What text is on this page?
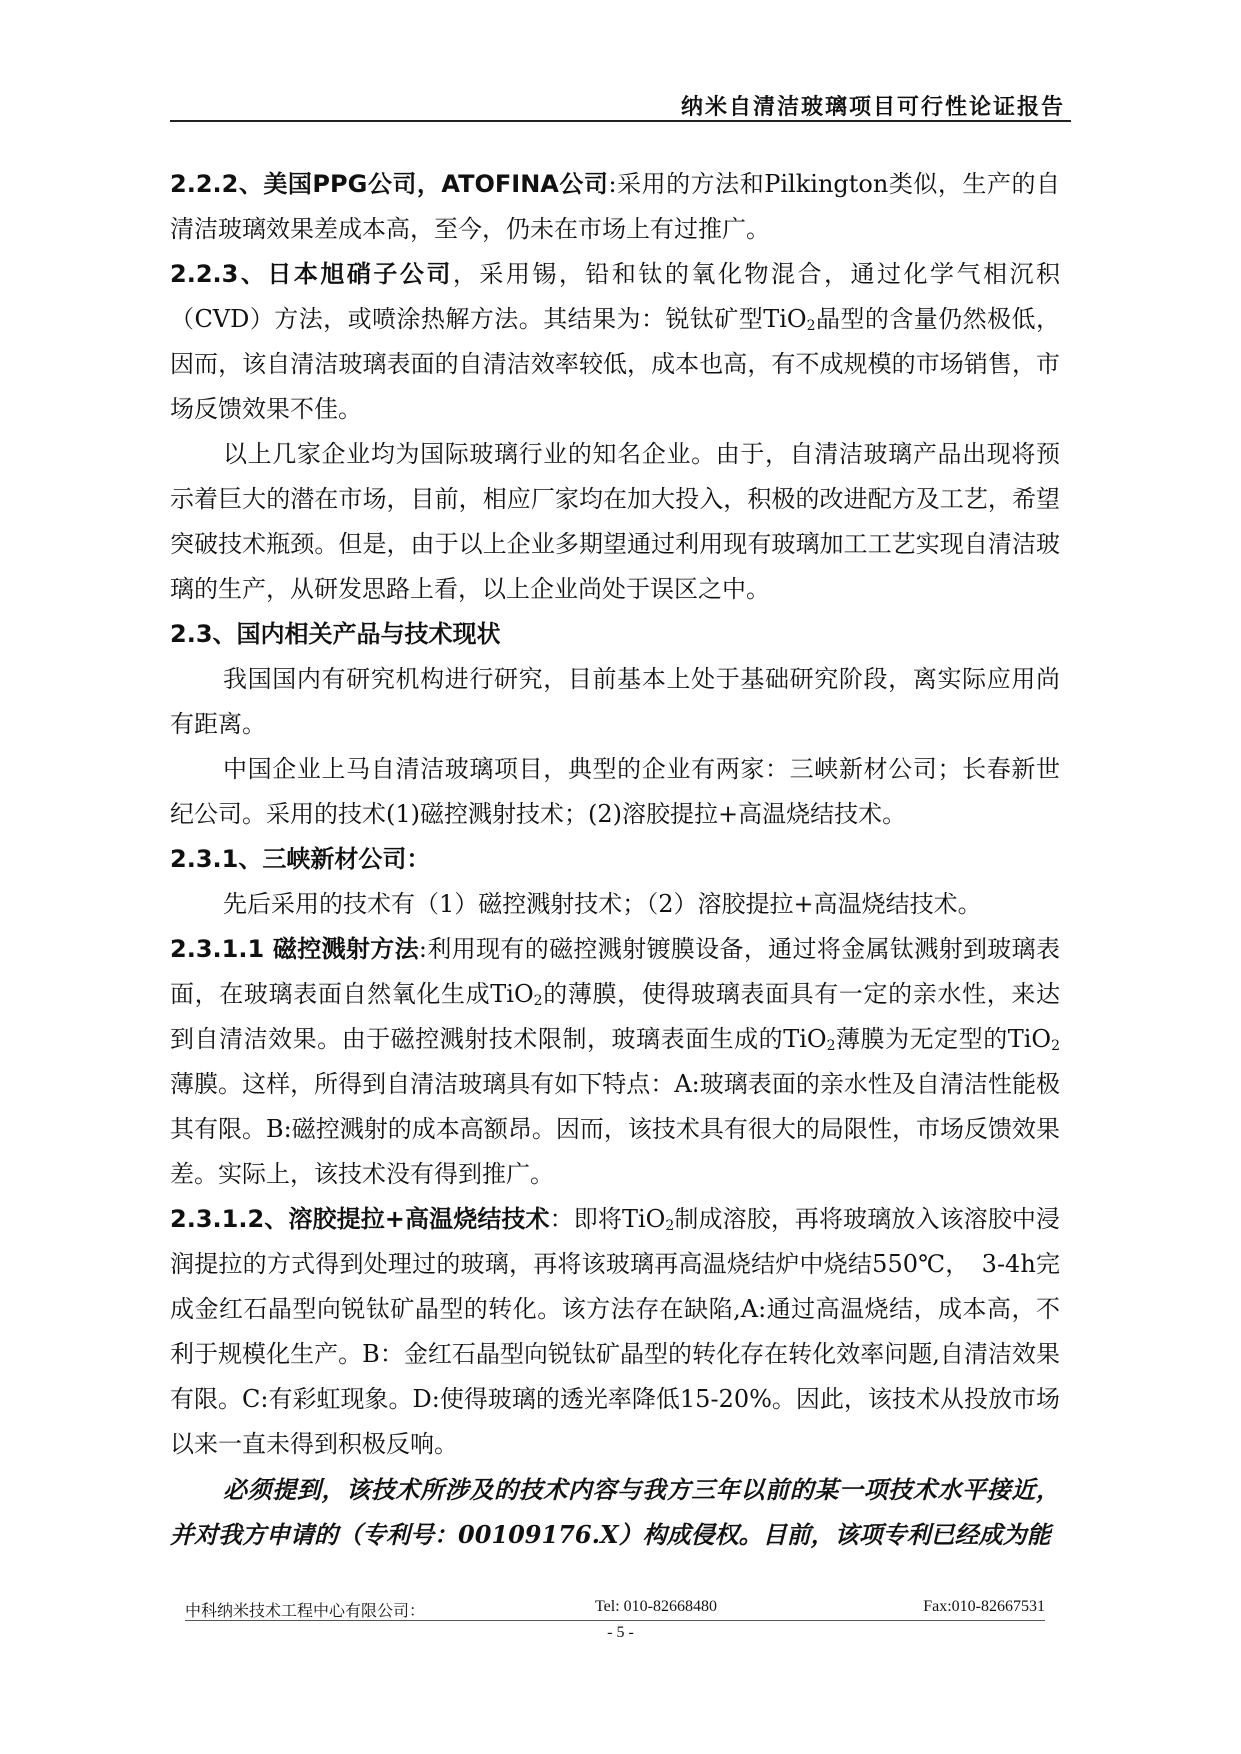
纳米自清洁玻璃项目可行性论证报告

2.2.2、美国PPG公司，ATOFINA公司:采用的方法和Pilkington类似，生产的自清洁玻璃效果差成本高，至今，仍未在市场上有过推广。

2.2.3、日本旭硝子公司，采用锡，铅和钛的氧化物混合，通过化学气相沉积（CVD）方法，或喷涂热解方法。其结果为：锐钛矿型TiO$_2$晶型的含量仍然极低，因而，该自清洁玻璃表面的自清洁效率较低，成本也高，有不成规模的市场销售，市场反馈效果不佳。

以上几家企业均为国际玻璃行业的知名企业。由于，自清洁玻璃产品出现将预示着巨大的潜在市场，目前，相应厂家均在加大投入，积极的改进配方及工艺，希望突破技术瓶颈。但是，由于以上企业多期望通过利用现有玻璃加工工艺实现自清洁玻璃的生产，从研发思路上看，以上企业尚处于误区之中。

2.3、国内相关产品与技术现状

我国国内有研究机构进行研究，目前基本上处于基础研究阶段，离实际应用尚有距离。

中国企业上马自清洁玻璃项目，典型的企业有两家：三峡新材公司；长春新世纪公司。采用的技术(1)磁控溅射技术；(2)溶胶提拉+高温烧结技术。

2.3.1、三峡新材公司：

先后采用的技术有（1）磁控溅射技术；（2）溶胶提拉+高温烧结技术。

2.3.1.1 磁控溅射方法:利用现有的磁控溅射镀膜设备，通过将金属钛溅射到玻璃表面，在玻璃表面自然氧化生成TiO$_2$的薄膜，使得玻璃表面具有一定的亲水性，来达到自清洁效果。由于磁控溅射技术限制，玻璃表面生成的TiO$_2$薄膜为无定型的TiO$_2$薄膜。这样，所得到自清洁玻璃具有如下特点：A:玻璃表面的亲水性及自清洁性能极其有限。B:磁控溅射的成本高额昂。因而，该技术具有很大的局限性，市场反馈效果差。实际上，该技术没有得到推广。

2.3.1.2、溶胶提拉+高温烧结技术：即将TiO$_2$制成溶胶，再将玻璃放入该溶胶中浸润提拉的方式得到处理过的玻璃，再将该玻璃再高温烧结炉中烧结550℃，　3-4h完成金红石晶型向锐钛矿晶型的转化。该方法存在缺陷,A:通过高温烧结，成本高，不利于规模化生产。B：金红石晶型向锐钛矿晶型的转化存在转化效率问题,自清洁效果有限。C:有彩虹现象。D:使得玻璃的透光率降低15-20%。因此，该技术从投放市场以来一直未得到积极反响。

必须提到，该技术所涉及的技术内容与我方三年以前的某一项技术水平接近，并对我方申请的（专利号：00109176.X）构成侵权。目前，该项专利已经成为能

中科纳米技术工程中心有限公司：	Tel: 010-82668480	Fax:010-82667531
- 5 -
